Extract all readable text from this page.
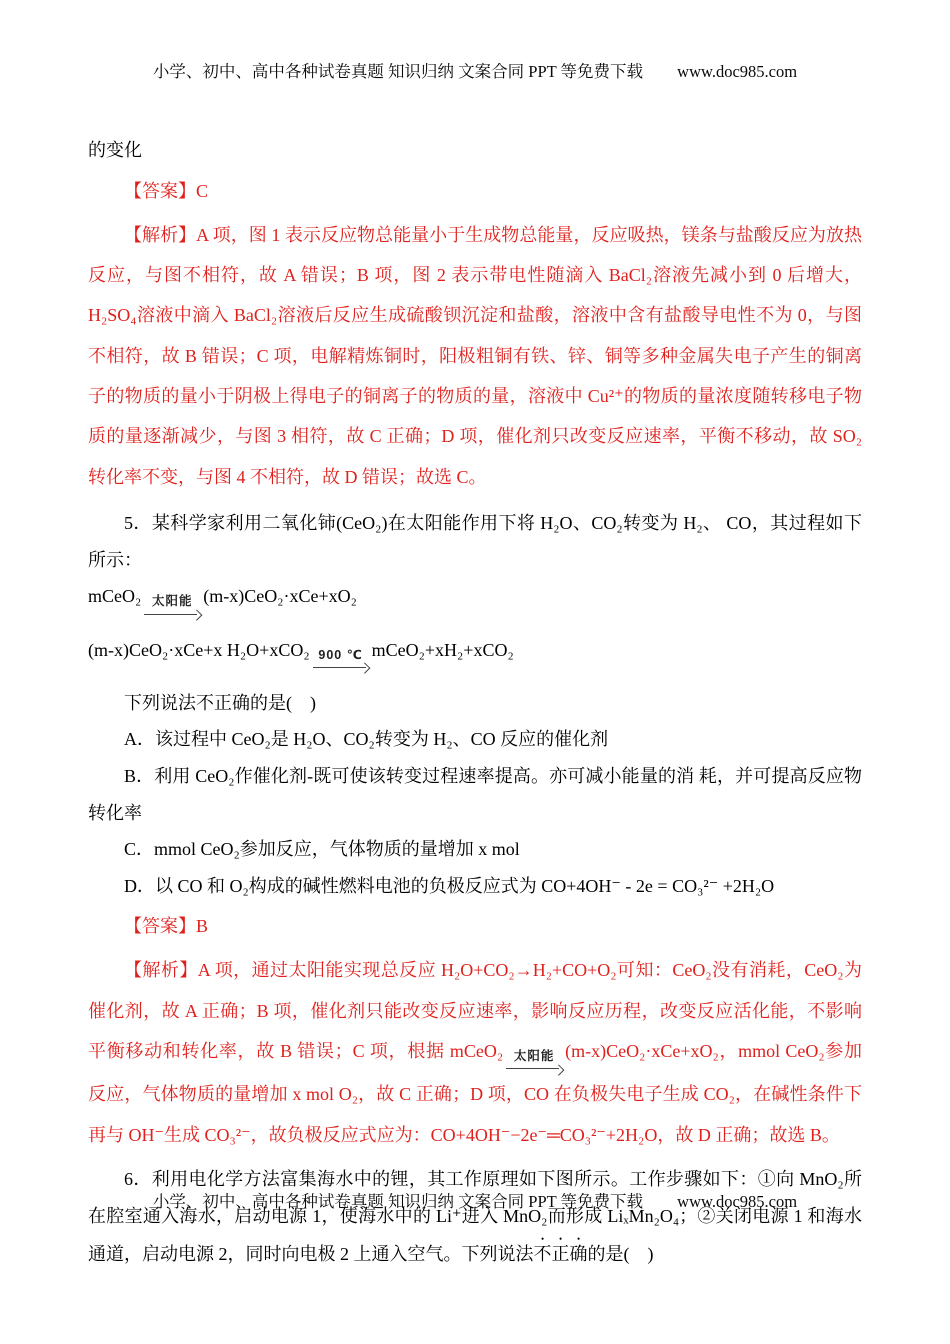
小学、初中、高中各种试卷真题 知识归纳 文案合同 PPT 等免费下载 www.doc985.com

的变化

【答案】C

【解析】A 项，图 1 表示反应物总能量小于生成物总能量，反应吸热，镁条与盐酸反应为放热反应，与图不相符，故 A 错误；B 项，图 2 表示带电性随滴入 BaCl₂溶液先减小到 0 后增大，H₂SO₄溶液中滴入 BaCl₂溶液后反应生成硫酸钡沉淀和盐酸，溶液中含有盐酸导电性不为 0，与图不相符，故 B 错误；C 项，电解精炼铜时，阳极粗铜有铁、锌、铜等多种金属失电子产生的铜离子的物质的量小于阴极上得电子的铜离子的物质的量，溶液中 Cu²⁺的物质的量浓度随转移电子物质的量逐渐减少，与图 3 相符，故 C 正确；D 项，催化剂只改变反应速率，平衡不移动，故 SO₂转化率不变，与图 4 不相符，故 D 错误；故选 C。

5．某科学家利用二氧化铈(CeO₂)在太阳能作用下将 H₂O、CO₂转变为 H₂、 CO，其过程如下所示：

mCeO₂ 太阳能 (m-x)CeO₂·xCe+xO₂
(m-x)CeO₂·xCe+x H₂O+xCO₂ 900 ℃ mCeO₂+xH₂+xCO₂

下列说法不正确的是(　)

A．该过程中 CeO₂是 H₂O、CO₂转变为 H₂、CO 反应的催化剂

B．利用 CeO₂作催化剂-既可使该转变过程速率提高。亦可减小能量的消 耗，并可提高反应物转化率

C．mmol CeO₂参加反应，气体物质的量增加 x mol

D．以 CO 和 O₂构成的碱性燃料电池的负极反应式为 CO+4OH⁻ - 2e = CO₃²⁻ +2H₂O

【答案】B

【解析】A 项，通过太阳能实现总反应 H₂O+CO₂→H₂+CO+O₂可知：CeO₂没有消耗，CeO₂为催化剂，故 A 正确；B 项，催化剂只能改变反应速率，影响反应历程，改变反应活化能，不影响平衡移动和转化率，故 B 错误；C 项，根据 mCeO₂ 太阳能 (m-x)CeO₂·xCe+xO₂，mmol CeO₂参加反应，气体物质的量增加 x mol O₂，故 C 正确；D 项，CO 在负极失电子生成 CO₂，在碱性条件下再与 OH⁻生成 CO₃²⁻，故负极反应式应为：CO+4OH⁻−2e⁻═CO₃²⁻+2H₂O，故 D 正确；故选 B。

6．利用电化学方法富集海水中的锂，其工作原理如下图所示。工作步骤如下：①向 MnO₂所在腔室通入海水，启动电源 1，使海水中的 Li⁺进入 MnO₂而形成 LiₓMn₂O₄；②关闭电源 1 和海水通道，启动电源 2，同时向电极 2 上通入空气。下列说法不正确的是(　)

小学、初中、高中各种试卷真题 知识归纳 文案合同 PPT 等免费下载 www.doc985.com
